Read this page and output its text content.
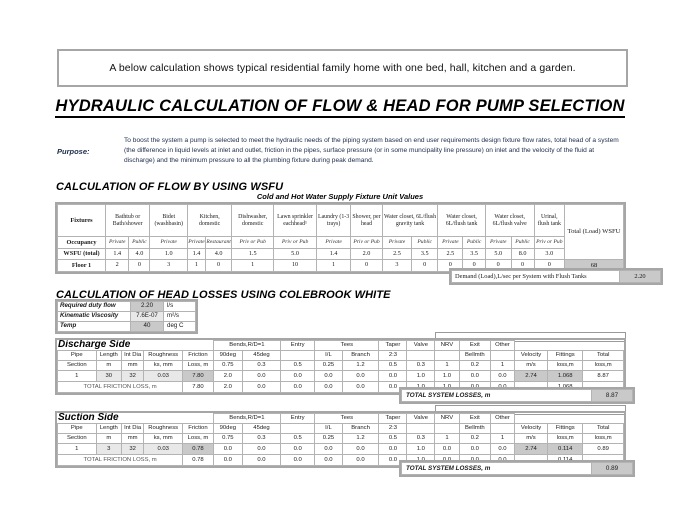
A below calculation shows typical residential family home with one bed, hall, kitchen and a garden.
HYDRAULIC CALCULATION OF FLOW & HEAD FOR PUMP SELECTION
Purpose:
To boost the system a pump is selected to meet the hydraulic needs of the piping system based on end user requirements design fixture flow rates, total head of a system (the difference in liquid levels at inlet and outlet, friction in the pipes, surface pressure (or in some muncipality line pressure) on inlet and the velocity of the fluid at discharge) and the minimum pressure to all the plumbing fixture during peak demand.
CALCULATION OF FLOW BY USING WSFU
Cold and Hot Water Supply Fixture Unit Values
Fixtures	Bathtub or Bath/shower		Bidet (washbasin)	Kitchen, domestic		Dishwasher, domestic	Lawn sprinkler eachhead¹	Laundry (1-3 trays)	Shower, per head	Water closet, 6L/flush gravity tank		Water closet, 6L/flush tank		Water closet, 6L/flush valve		Urinal, flush tank	Total (Load) WSFU
Occupancy	Private	Public	Private	Private	Restaurant	Priv or Pub	Priv or Pub	Private	Priv or Pub	Private	Public	Private	Public	Private	Public	Priv or Pub	
WSFU (total)	1.4	4.0	1.0	1.4	4.0	1.5	5.0	1.4	2.0	2.5	3.5	2.5	3.5	5.0	8.0	3.0	
Floor 1	2	0	3	1	0	1	10	1	0	3	0	0	0	0	0	0	68
Demand (Load),L/sec per System with Flush Tanks	2.20
CALCULATION OF HEAD LOSSES USING COLEBROOK WHITE
Required duty flow	2.20	l/s
Kinematic Viscosity	7.6E-07	m²/s
Temp	40	deg C
Discharge Side
					Bends,R/D=1		Entry	Tees		Taper	Valve	NRV	Exit	Other			
Pipe	Length	Int Dia	Roughness	Friction	90deg	45deg		I/L	Branch	2:3			Bellmth		Velocity	Fittings	Total
Section	m	mm	ks, mm	Loss, m	0.75	0.3	0.5	0.25	1.2	0.5	0.3	1	0.2	1	m/s	loss,m	loss,m
1	30	32	0.03	7.80	2.0	0.0	0.0	0.0	0.0	0.0	1.0	1.0	0.0	0.0	2.74	1.068	8.87
TOTAL FRICTION LOSS, m				7.80	2.0	0.0	0.0	0.0	0.0	0.0	1.0	1.0	0.0	0.0		1.068	
TOTAL SYSTEM LOSSES, m	8.87
Suction Side
					Bends,R/D=1		Entry	Tees		Taper	Valve	NRV	Exit	Other			
Pipe	Length	Int Dia	Roughness	Friction	90deg	45deg		I/L	Branch	2:3			Bellmth		Velocity	Fittings	Total
Section	m	mm	ks, mm	Loss, m	0.75	0.3	0.5	0.25	1.2	0.5	0.3	1	0.2	1	m/s	loss,m	loss,m
1	3	32	0.03	0.78	0.0	0.0	0.0	0.0	0.0	0.0	1.0	0.0	0.0	0.0	2.74	0.114	0.89
TOTAL FRICTION LOSS, m				0.78	0.0	0.0	0.0	0.0	0.0	0.0	1.0	0.0	0.0	0.0		0.114	
TOTAL SYSTEM LOSSES, m	0.89
